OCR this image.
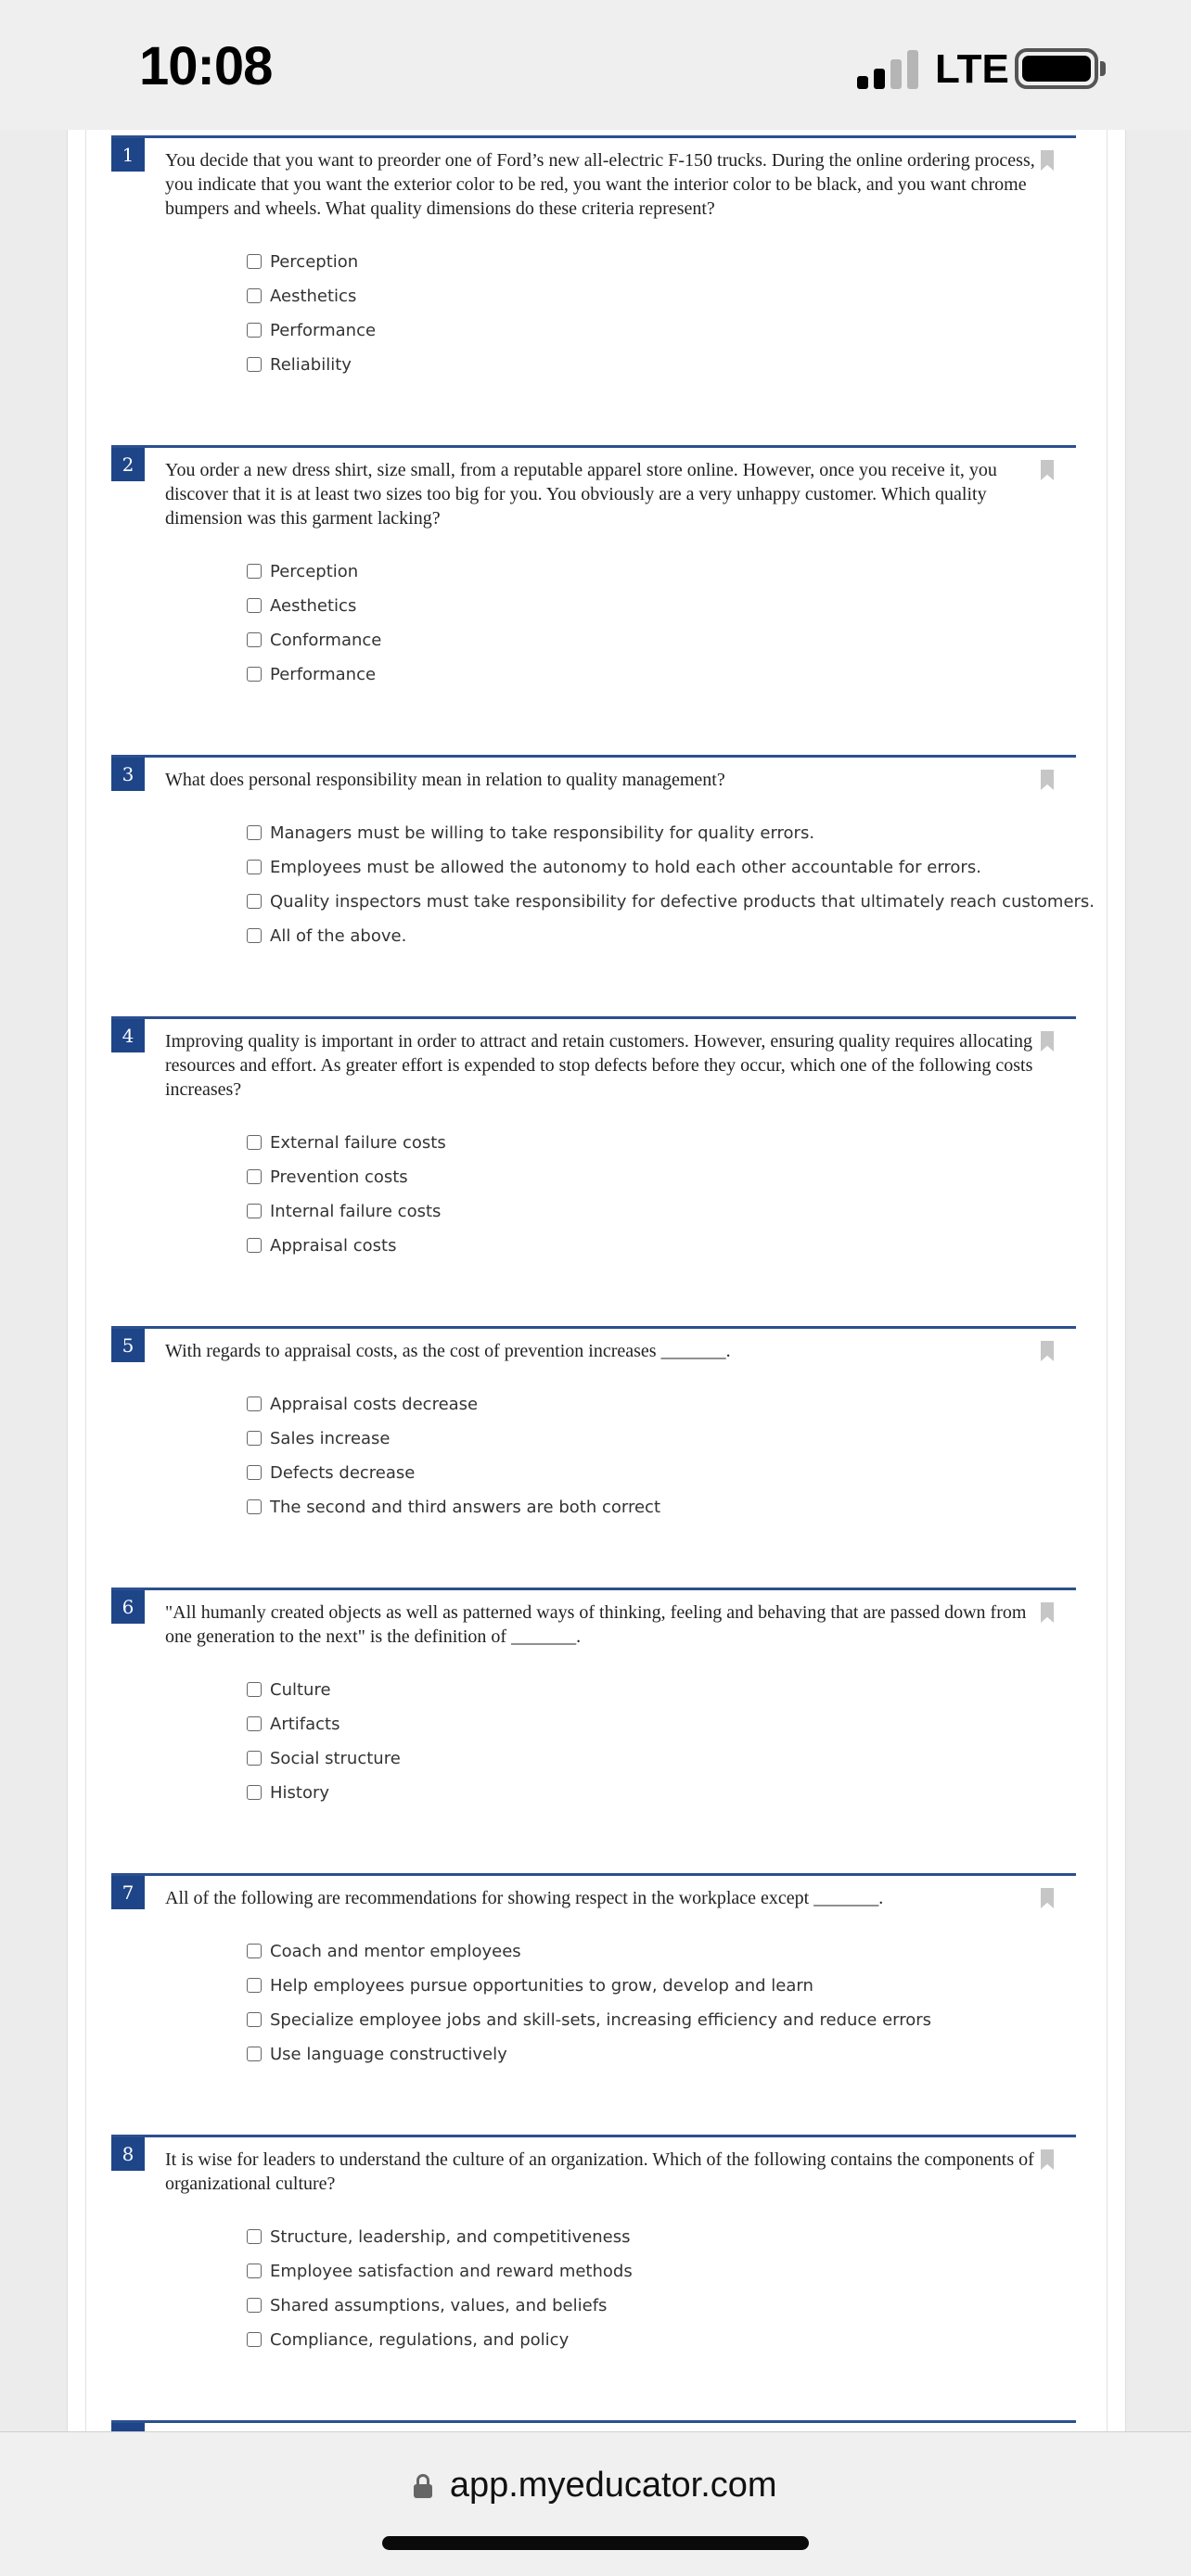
10:08	LTE
1	You decide that you want to preorder one of Ford’s new all-electric F-150 trucks. During the online ordering process, you indicate that you want the exterior color to be red, you want the interior color to be black, and you want chrome bumpers and wheels. What quality dimensions do these criteria represent?
Perception
Aesthetics
Performance
Reliability
2	You order a new dress shirt, size small, from a reputable apparel store online. However, once you receive it, you discover that it is at least two sizes too big for you. You obviously are a very unhappy customer. Which quality dimension was this garment lacking?
Perception
Aesthetics
Conformance
Performance
3	What does personal responsibility mean in relation to quality management?
Managers must be willing to take responsibility for quality errors.
Employees must be allowed the autonomy to hold each other accountable for errors.
Quality inspectors must take responsibility for defective products that ultimately reach customers.
All of the above.
4	Improving quality is important in order to attract and retain customers. However, ensuring quality requires allocating resources and effort. As greater effort is expended to stop defects before they occur, which one of the following costs increases?
External failure costs
Prevention costs
Internal failure costs
Appraisal costs
5	With regards to appraisal costs, as the cost of prevention increases _______.
Appraisal costs decrease
Sales increase
Defects decrease
The second and third answers are both correct
6	"All humanly created objects as well as patterned ways of thinking, feeling and behaving that are passed down from one generation to the next" is the definition of _______.
Culture
Artifacts
Social structure
History
7	All of the following are recommendations for showing respect in the workplace except _______.
Coach and mentor employees
Help employees pursue opportunities to grow, develop and learn
Specialize employee jobs and skill-sets, increasing efficiency and reduce errors
Use language constructively
8	It is wise for leaders to understand the culture of an organization. Which of the following contains the components of organizational culture?
Structure, leadership, and competitiveness
Employee satisfaction and reward methods
Shared assumptions, values, and beliefs
Compliance, regulations, and policy
app.myeducator.com
